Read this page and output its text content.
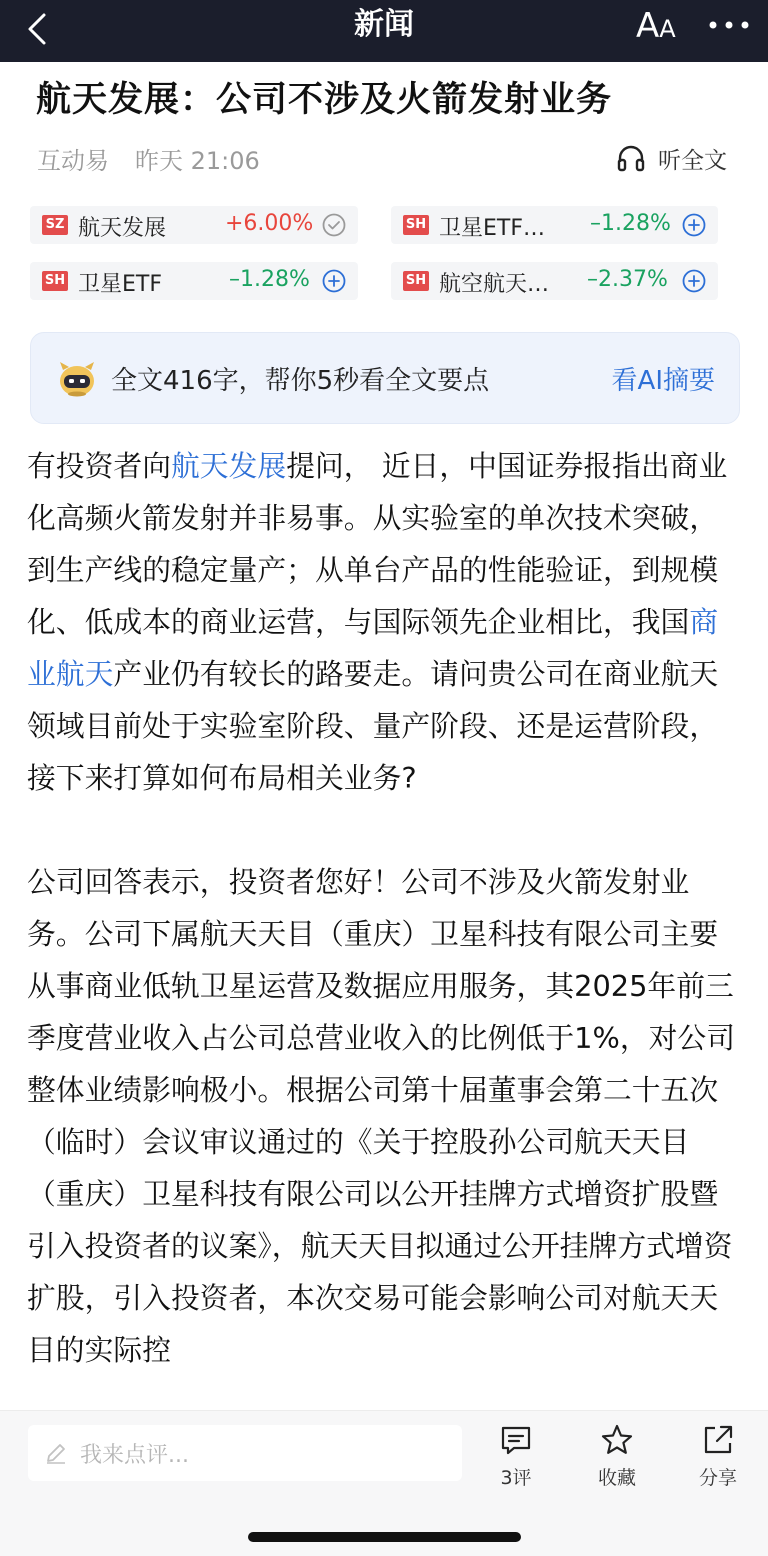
新闻	AA
航天发展：公司不涉及火箭发射业务
互动易 昨天 21:06	听全文
SZ 航天发展	+6.00%	SH 卫星ETF… –1.28%
SH 卫星ETF	–1.28%	SH 航空航天… –2.37%
全文416字，帮你5秒看全文要点	看AI摘要

有投资者向航天发展提问， 近日，中国证券报指出商业化高频火箭发射并非易事。从实验室的单次技术突破，到生产线的稳定量产；从单台产品的性能验证，到规模化、低成本的商业运营，与国际领先企业相比，我国商业航天产业仍有较长的路要走。请问贵公司在商业航天领域目前处于实验室阶段、量产阶段、还是运营阶段，接下来打算如何布局相关业务?

公司回答表示，投资者您好！公司不涉及火箭发射业务。公司下属航天天目（重庆）卫星科技有限公司主要从事商业低轨卫星运营及数据应用服务，其2025年前三季度营业收入占公司总营业收入的比例低于1%，对公司整体业绩影响极小。根据公司第十届董事会第二十五次（临时）会议审议通过的《关于控股孙公司航天天目（重庆）卫星科技有限公司以公开挂牌方式增资扩股暨引入投资者的议案》，航天天目拟通过公开挂牌方式增资扩股，引入投资者，本次交易可能会影响公司对航天天目的实际控

我来点评...
3评	收藏	分享
